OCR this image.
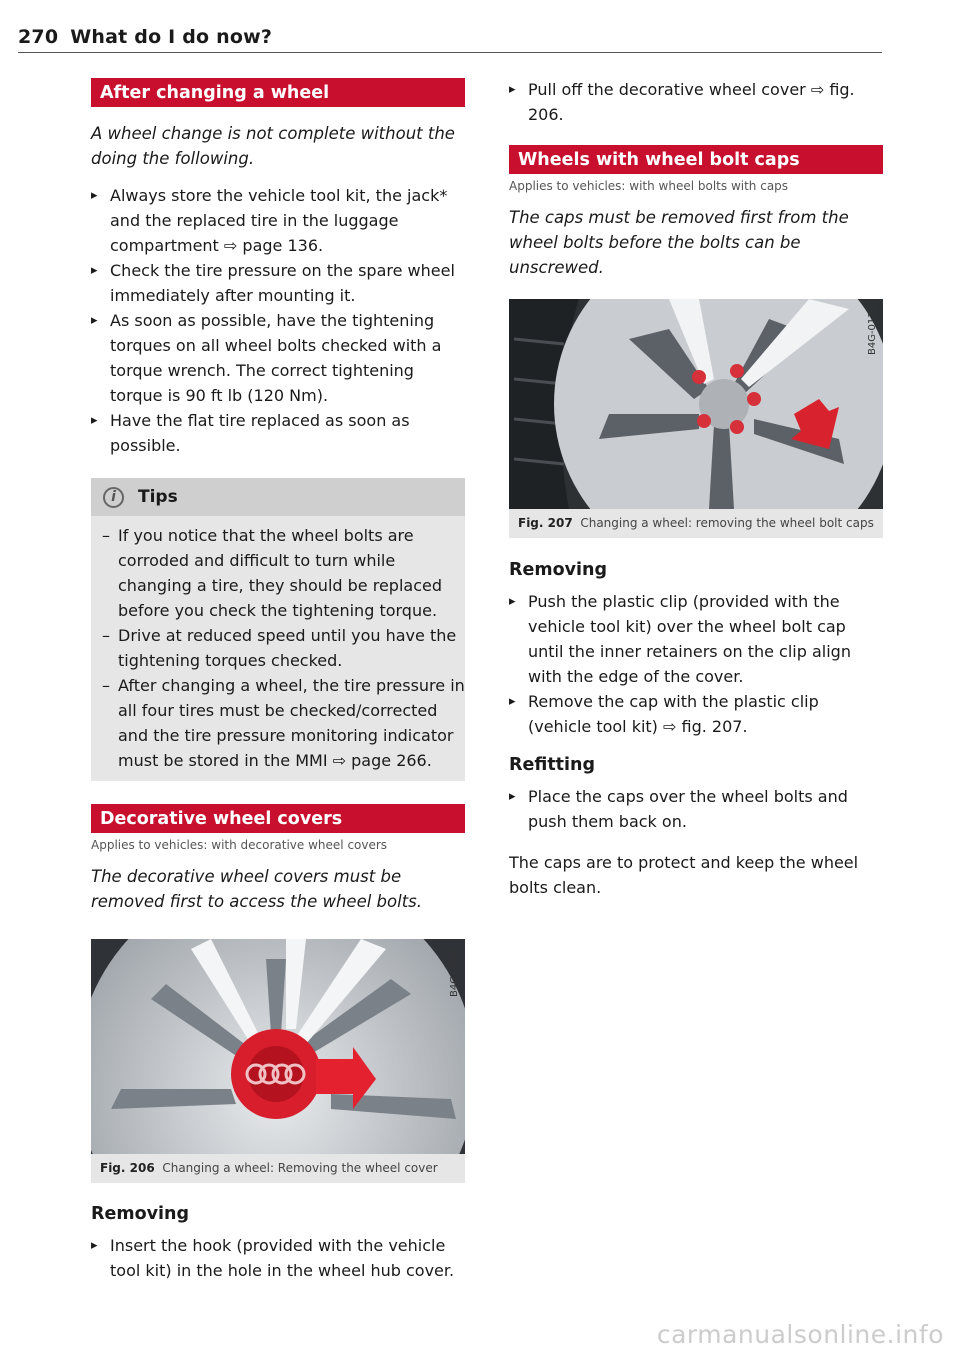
270 What do I do now?
After changing a wheel
A wheel change is not complete without the doing the following.
▸ Always store the vehicle tool kit, the jack* and the replaced tire in the luggage compartment ⇨ page 136.
▸ Check the tire pressure on the spare wheel immediately after mounting it.
▸ As soon as possible, have the tightening torques on all wheel bolts checked with a torque wrench. The correct tightening torque is 90 ft lb (120 Nm).
▸ Have the flat tire replaced as soon as possible.
i	Tips
– If you notice that the wheel bolts are corroded and difficult to turn while changing a tire, they should be replaced before you check the tightening torque.
– Drive at reduced speed until you have the tightening torques checked.
– After changing a wheel, the tire pressure in all four tires must be checked/corrected and the tire pressure monitoring indicator must be stored in the MMI ⇨ page 266.
Decorative wheel covers
Applies to vehicles: with decorative wheel covers
The decorative wheel covers must be removed first to access the wheel bolts.
B4G-0145
Fig. 206 Changing a wheel: Removing the wheel cover
Removing
▸ Insert the hook (provided with the vehicle tool kit) in the hole in the wheel hub cover.
▸ Pull off the decorative wheel cover ⇨ fig. 206.
Wheels with wheel bolt caps
Applies to vehicles: with wheel bolts with caps
The caps must be removed first from the wheel bolts before the bolts can be unscrewed.
B4G-0132
Fig. 207 Changing a wheel: removing the wheel bolt caps
Removing
▸ Push the plastic clip (provided with the vehicle tool kit) over the wheel bolt cap until the inner retainers on the clip align with the edge of the cover.
▸ Remove the cap with the plastic clip (vehicle tool kit) ⇨ fig. 207.
Refitting
▸ Place the caps over the wheel bolts and push them back on.
The caps are to protect and keep the wheel bolts clean.
carmanualsonline.info
